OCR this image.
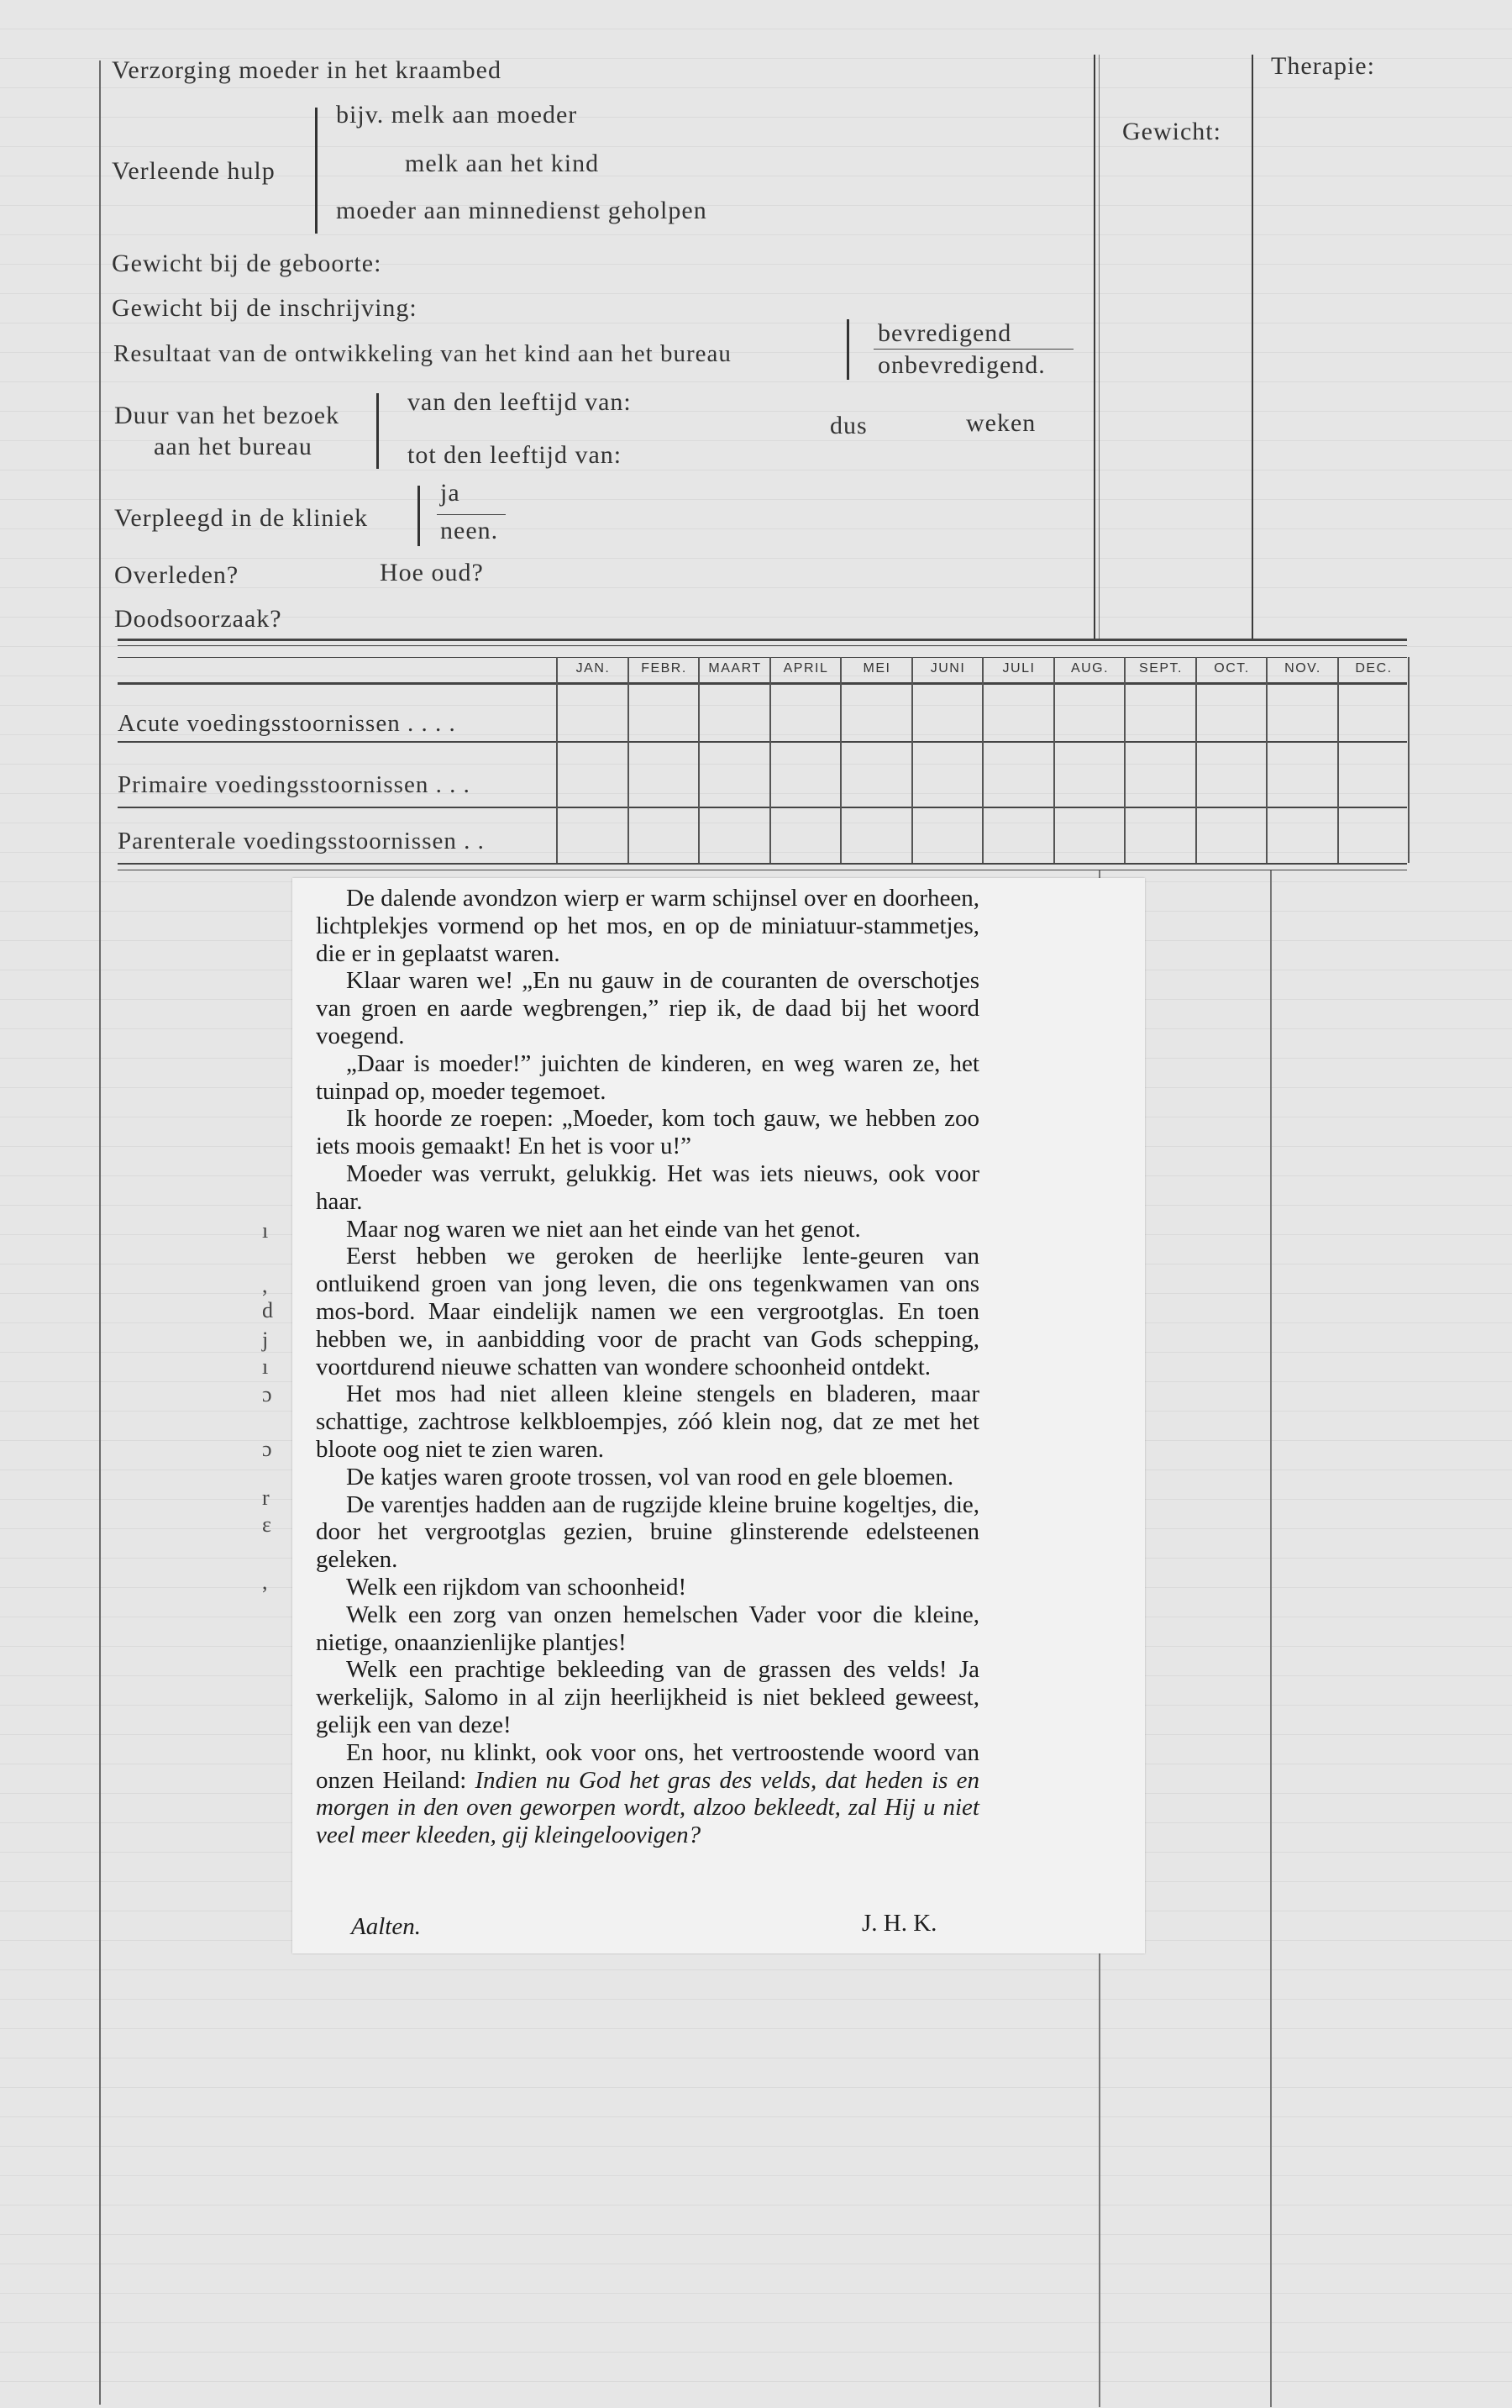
Verzorging moeder in het kraambed
Verleende hulp
bijv. melk aan moeder
melk aan het kind
moeder aan minnedienst geholpen
Gewicht bij de geboorte:
Gewicht bij de inschrijving:
Resultaat van de ontwikkeling van het kind aan het bureau
bevredigend
onbevredigend.
Duur van het bezoek
aan het bureau
van den leeftijd van:
tot den leeftijd van:
dus	weken
Verpleegd in de kliniek
ja
neen.
Overleden?	Hoe oud?
Doodsoorzaak?
Gewicht:
Therapie:
JAN.	FEBR.	MAART	APRIL	MEI	JUNI	JULI	AUG.	SEPT.	OCT.	NOV.	DEC.
Acute voedingsstoornissen . . . .
Primaire voedingsstoornissen . . .
Parenterale voedingsstoornissen . .
ı
,
d
j
ı
ɔ
ɔ
r
ɛ
,

De dalende avondzon wierp er warm schijnsel over en doorheen, lichtplekjes vormend op het mos, en op de miniatuur-stammetjes, die er in geplaatst waren.

Klaar waren we! „En nu gauw in de couranten de overschotjes van groen en aarde wegbrengen,” riep ik, de daad bij het woord voegend.

„Daar is moeder!” juichten de kinderen, en weg waren ze, het tuinpad op, moeder tegemoet.

Ik hoorde ze roepen: „Moeder, kom toch gauw, we hebben zoo iets moois gemaakt! En het is voor u!”

Moeder was verrukt, gelukkig. Het was iets nieuws, ook voor haar.

Maar nog waren we niet aan het einde van het genot.

Eerst hebben we geroken de heerlijke lente-geuren van ontluikend groen van jong leven, die ons tegenkwamen van ons mos-bord. Maar eindelijk namen we een vergrootglas. En toen hebben we, in aanbidding voor de pracht van Gods schepping, voortdurend nieuwe schatten van wondere schoonheid ontdekt.

Het mos had niet alleen kleine stengels en bladeren, maar schattige, zachtrose kelkbloempjes, zóó klein nog, dat ze met het bloote oog niet te zien waren.

De katjes waren groote trossen, vol van rood en gele bloemen.

De varentjes hadden aan de rugzijde kleine bruine kogeltjes, die, door het vergrootglas gezien, bruine glinsterende edelsteenen geleken.

Welk een rijkdom van schoonheid!

Welk een zorg van onzen hemelschen Vader voor die kleine, nietige, onaanzienlijke plantjes!

Welk een prachtige bekleeding van de grassen des velds! Ja werkelijk, Salomo in al zijn heerlijkheid is niet bekleed geweest, gelijk een van deze!

En hoor, nu klinkt, ook voor ons, het vertroostende woord van onzen Heiland: Indien nu God het gras des velds, dat heden is en morgen in den oven geworpen wordt, alzoo bekleedt, zal Hij u niet veel meer kleeden, gij kleingeloovigen?

Aalten.	J. H. K.
